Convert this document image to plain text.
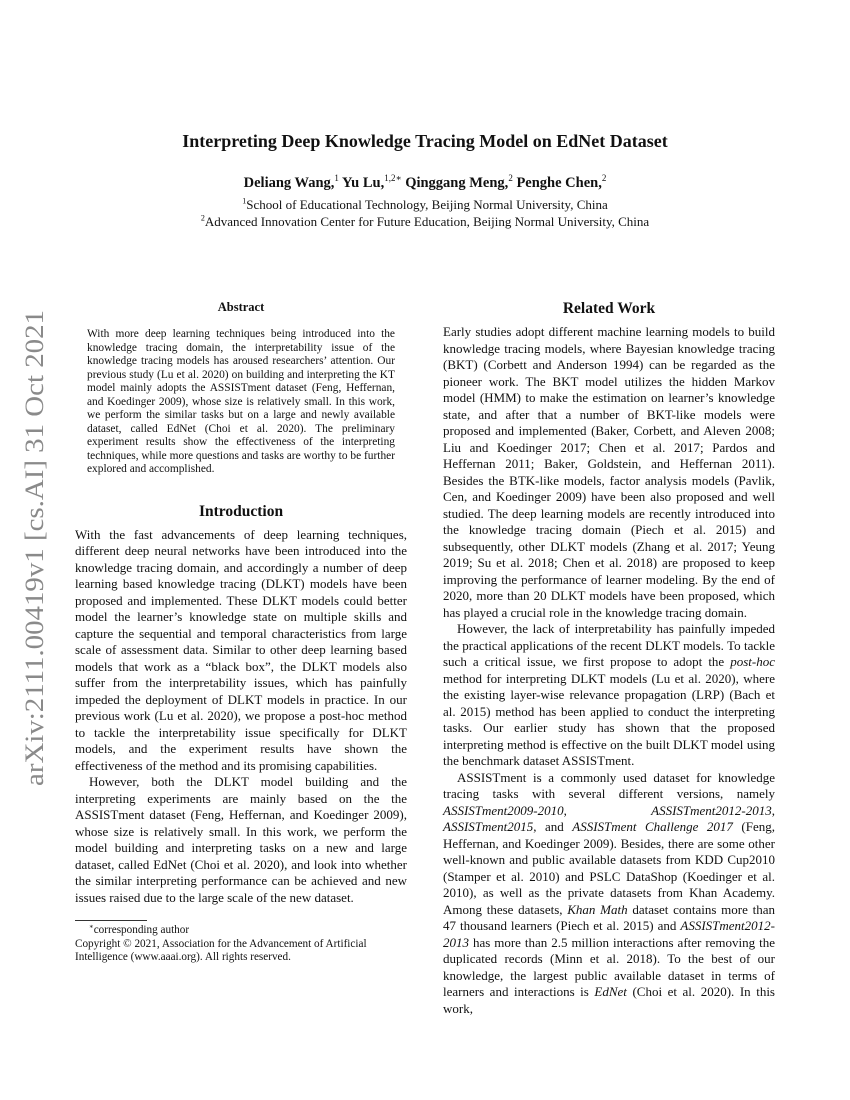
arXiv:2111.00419v1 [cs.AI] 31 Oct 2021
Interpreting Deep Knowledge Tracing Model on EdNet Dataset
Deliang Wang,$^1$ Yu Lu,$^{1,2∗}$ Qinggang Meng,$^2$ Penghe Chen,$^2$
$^1$School of Educational Technology, Beijing Normal University, China
$^2$Advanced Innovation Center for Future Education, Beijing Normal University, China
Abstract

With more deep learning techniques being introduced into the knowledge tracing domain, the interpretability issue of the knowledge tracing models has aroused researchers’ attention. Our previous study (Lu et al. 2020) on building and interpreting the KT model mainly adopts the ASSISTment dataset (Feng, Heffernan, and Koedinger 2009), whose size is relatively small. In this work, we perform the similar tasks but on a large and newly available dataset, called EdNet (Choi et al. 2020). The preliminary experiment results show the effectiveness of the interpreting techniques, while more questions and tasks are worthy to be further explored and accomplished.

Introduction

With the fast advancements of deep learning techniques, different deep neural networks have been introduced into the knowledge tracing domain, and accordingly a number of deep learning based knowledge tracing (DLKT) models have been proposed and implemented. These DLKT models could better model the learner’s knowledge state on multiple skills and capture the sequential and temporal characteristics from large scale of assessment data. Similar to other deep learning based models that work as a “black box”, the DLKT models also suffer from the interpretability issues, which has painfully impeded the deployment of DLKT models in practice. In our previous work (Lu et al. 2020), we propose a post-hoc method to tackle the interpretability issue specifically for DLKT models, and the experiment results have shown the effectiveness of the method and its promising capabilities.

However, both the DLKT model building and the interpreting experiments are mainly based on the the ASSISTment dataset (Feng, Heffernan, and Koedinger 2009), whose size is relatively small. In this work, we perform the model building and interpreting tasks on a new and large dataset, called EdNet (Choi et al. 2020), and look into whether the similar interpreting performance can be achieved and new issues raised due to the large scale of the new dataset.

∗corresponding author

Copyright © 2021, Association for the Advancement of Artificial

Intelligence (www.aaai.org). All rights reserved.

Related Work

Early studies adopt different machine learning models to build knowledge tracing models, where Bayesian knowledge tracing (BKT) (Corbett and Anderson 1994) can be regarded as the pioneer work. The BKT model utilizes the hidden Markov model (HMM) to make the estimation on learner’s knowledge state, and after that a number of BKT-like models were proposed and implemented (Baker, Corbett, and Aleven 2008; Liu and Koedinger 2017; Chen et al. 2017; Pardos and Heffernan 2011; Baker, Goldstein, and Heffernan 2011). Besides the BTK-like models, factor analysis models (Pavlik, Cen, and Koedinger 2009) have been also proposed and well studied. The deep learning models are recently introduced into the knowledge tracing domain (Piech et al. 2015) and subsequently, other DLKT models (Zhang et al. 2017; Yeung 2019; Su et al. 2018; Chen et al. 2018) are proposed to keep improving the performance of learner modeling. By the end of 2020, more than 20 DLKT models have been proposed, which has played a crucial role in the knowledge tracing domain.

However, the lack of interpretability has painfully impeded the practical applications of the recent DLKT models. To tackle such a critical issue, we first propose to adopt the post-hoc method for interpreting DLKT models (Lu et al. 2020), where the existing layer-wise relevance propagation (LRP) (Bach et al. 2015) method has been applied to conduct the interpreting tasks. Our earlier study has shown that the proposed interpreting method is effective on the built DLKT model using the benchmark dataset ASSISTment.

ASSISTment is a commonly used dataset for knowledge tracing tasks with several different versions, namely ASSISTment2009-2010, ASSISTment2012-2013, ASSISTment2015, and ASSISTment Challenge 2017 (Feng, Heffernan, and Koedinger 2009). Besides, there are some other well-known and public available datasets from KDD Cup2010 (Stamper et al. 2010) and PSLC DataShop (Koedinger et al. 2010), as well as the private datasets from Khan Academy. Among these datasets, Khan Math dataset contains more than 47 thousand learners (Piech et al. 2015) and ASSISTment2012-2013 has more than 2.5 million interactions after removing the duplicated records (Minn et al. 2018). To the best of our knowledge, the largest public available dataset in terms of learners and interactions is EdNet (Choi et al. 2020). In this work,
